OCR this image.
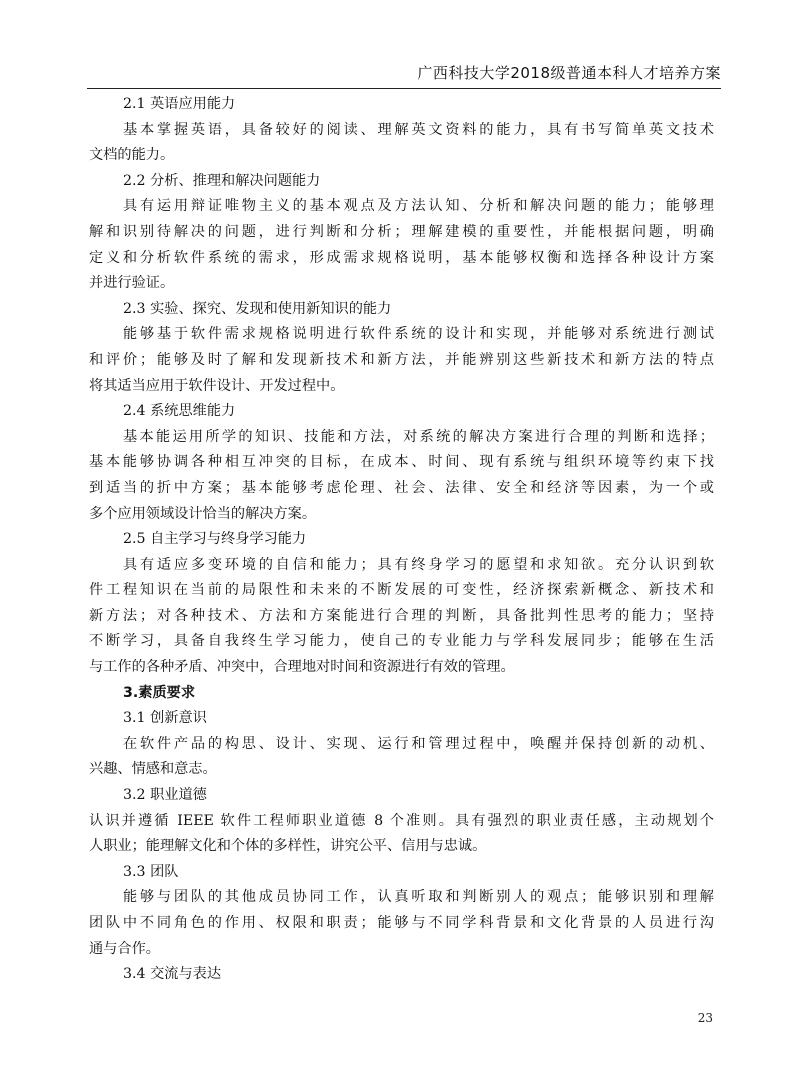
广西科技大学2018级普通本科人才培养方案
2.1 英语应用能力
基本掌握英语，具备较好的阅读、理解英文资料的能力，具有书写简单英文技术
文档的能力。
2.2 分析、推理和解决问题能力
具有运用辩证唯物主义的基本观点及方法认知、分析和解决问题的能力；能够理
解和识别待解决的问题，进行判断和分析；理解建模的重要性，并能根据问题，明确
定义和分析软件系统的需求，形成需求规格说明，基本能够权衡和选择各种设计方案
并进行验证。
2.3 实验、探究、发现和使用新知识的能力
能够基于软件需求规格说明进行软件系统的设计和实现，并能够对系统进行测试
和评价；能够及时了解和发现新技术和新方法，并能辨别这些新技术和新方法的特点
将其适当应用于软件设计、开发过程中。
2.4 系统思维能力
基本能运用所学的知识、技能和方法，对系统的解决方案进行合理的判断和选择；
基本能够协调各种相互冲突的目标，在成本、时间、现有系统与组织环境等约束下找
到适当的折中方案；基本能够考虑伦理、社会、法律、安全和经济等因素，为一个或
多个应用领域设计恰当的解决方案。
2.5 自主学习与终身学习能力
具有适应多变环境的自信和能力；具有终身学习的愿望和求知欲。充分认识到软
件工程知识在当前的局限性和未来的不断发展的可变性，经济探索新概念、新技术和
新方法；对各种技术、方法和方案能进行合理的判断，具备批判性思考的能力；坚持
不断学习，具备自我终生学习能力，使自己的专业能力与学科发展同步；能够在生活
与工作的各种矛盾、冲突中，合理地对时间和资源进行有效的管理。
3.素质要求
3.1 创新意识
在软件产品的构思、设计、实现、运行和管理过程中，唤醒并保持创新的动机、
兴趣、情感和意志。
3.2 职业道德
认识并遵循 IEEE 软件工程师职业道德 8 个准则。具有强烈的职业责任感，主动规划个
人职业；能理解文化和个体的多样性，讲究公平、信用与忠诚。
3.3 团队
能够与团队的其他成员协同工作，认真听取和判断别人的观点；能够识别和理解
团队中不同角色的作用、权限和职责；能够与不同学科背景和文化背景的人员进行沟
通与合作。
3.4 交流与表达
23
